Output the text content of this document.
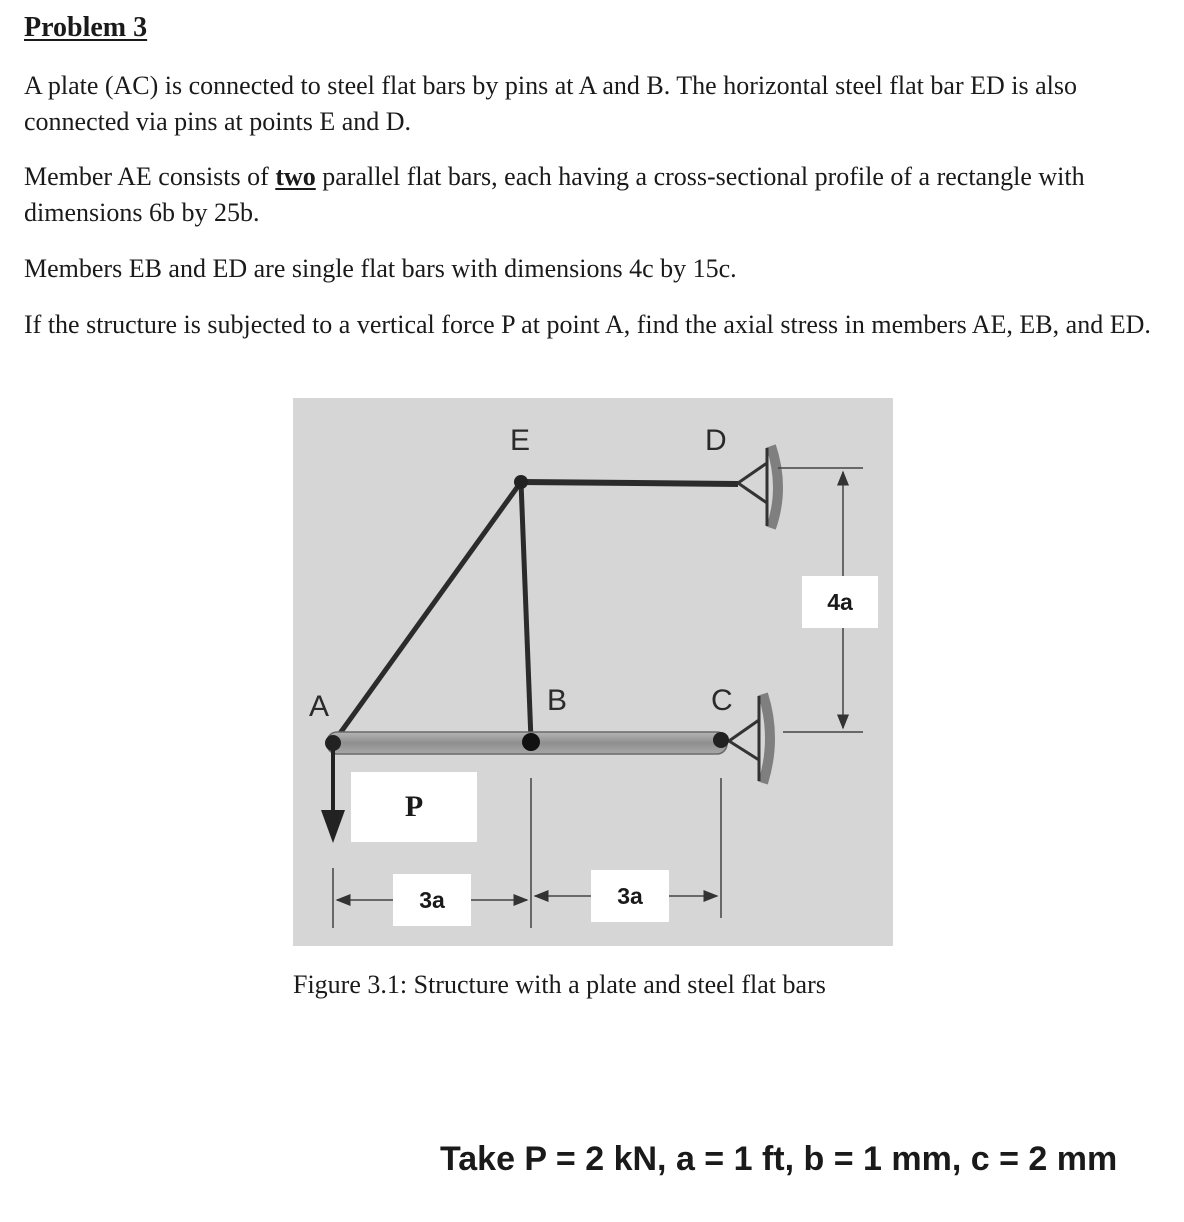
Problem 3
A plate (AC) is connected to steel flat bars by pins at A and B. The horizontal steel flat bar ED is also connected via pins at points E and D.
Member AE consists of two parallel flat bars, each having a cross-sectional profile of a rectangle with dimensions 6b by 25b.
Members EB and ED are single flat bars with dimensions 4c by 15c.
If the structure is subjected to a vertical force P at point A, find the axial stress in members AE, EB, and ED.
E	D
A	B	C
4a
P
3a	3a
Figure 3.1: Structure with a plate and steel flat bars
Take P = 2 kN, a = 1 ft, b = 1 mm, c = 2 mm
